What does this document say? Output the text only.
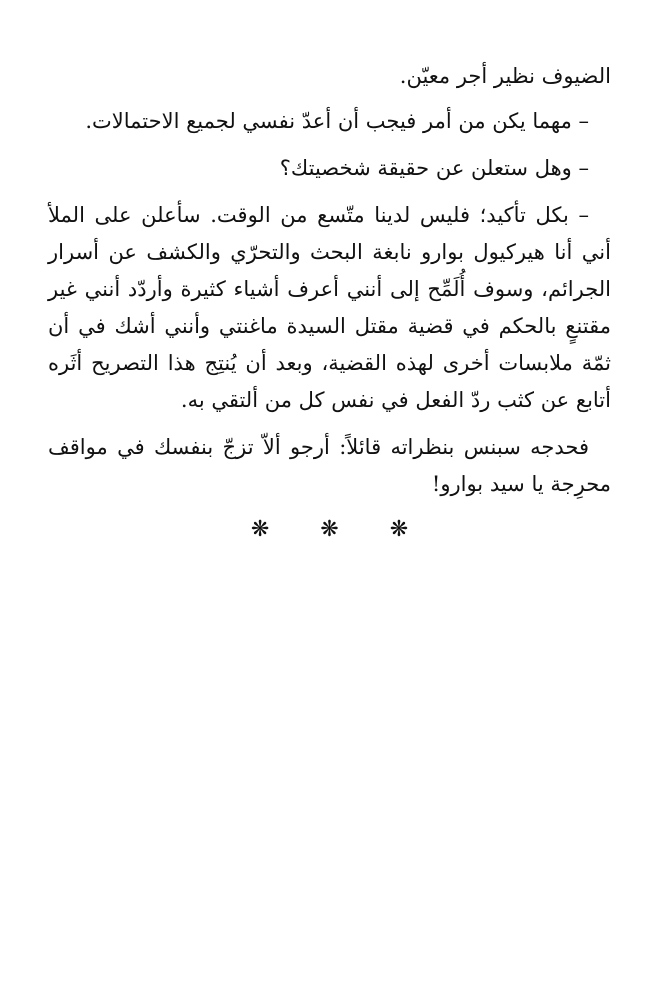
الضيوف نظير أجر معيّن.

– مهما يكن من أمر فيجب أن أعدّ نفسي لجميع الاحتمالات.

– وهل ستعلن عن حقيقة شخصيتك؟

– بكل تأكيد؛ فليس لدينا متّسع من الوقت. سأعلن على الملأ أني أنا هيركيول بوارو نابغة البحث والتحرّي والكشف عن أسرار الجرائم، وسوف أُلَمِّح إلى أنني أعرف أشياء كثيرة وأردّد أنني غير مقتنعٍ بالحكم في قضية مقتل السيدة ماغنتي وأنني أشك في أن ثمّة ملابسات أخرى لهذه القضية، وبعد أن يُنتِج هذا التصريح أثَره أتابع عن كثب ردّ الفعل في نفس كل من ألتقي به.

فحدجه سبنس بنظراته قائلاً: أرجو ألاّ تزجّ بنفسك في مواقف محرِجة يا سيد بوارو!

❋ ❋ ❋
